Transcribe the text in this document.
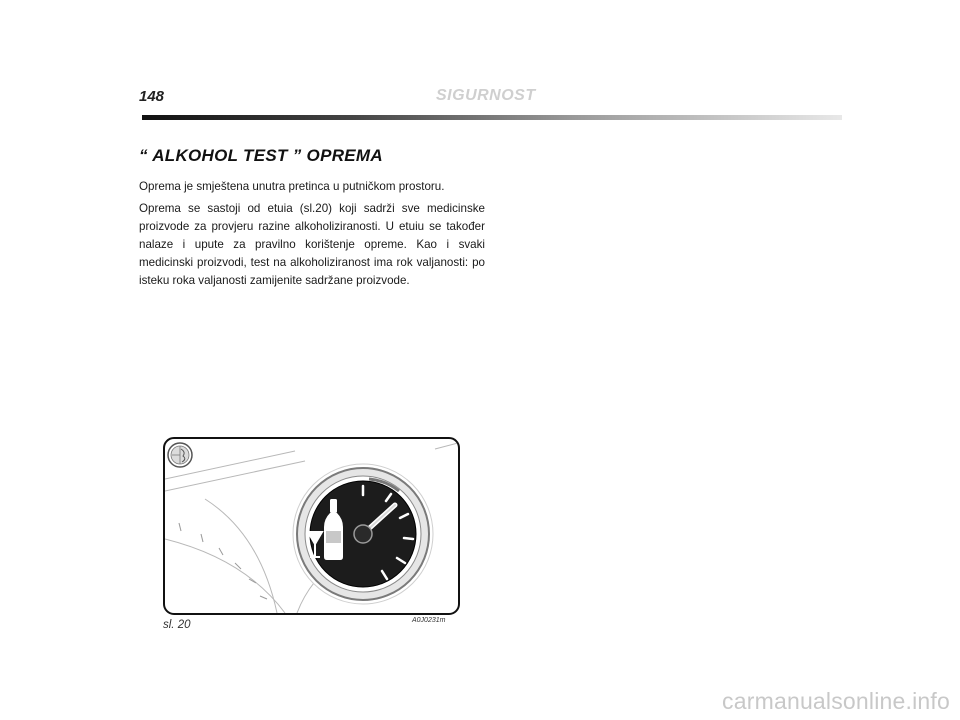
148	SIGURNOST
“ ALKOHOL TEST ” OPREMA

Oprema je smještena unutra pretinca u putničkom prostoru.

Oprema se sastoji od etuia (sl.20) koji sadrži sve medicinske proizvode za provjeru razine alkoholiziranosti. U etuiu se također nalaze i upute za pravilno korištenje opreme. Kao i svaki medicinski proizvodi, test na alkoholiziranost ima rok valjanosti: po isteku roka valjanosti zamijenite sadržane proizvode.

A0J0231m
sl. 20
carmanualsonline.info
